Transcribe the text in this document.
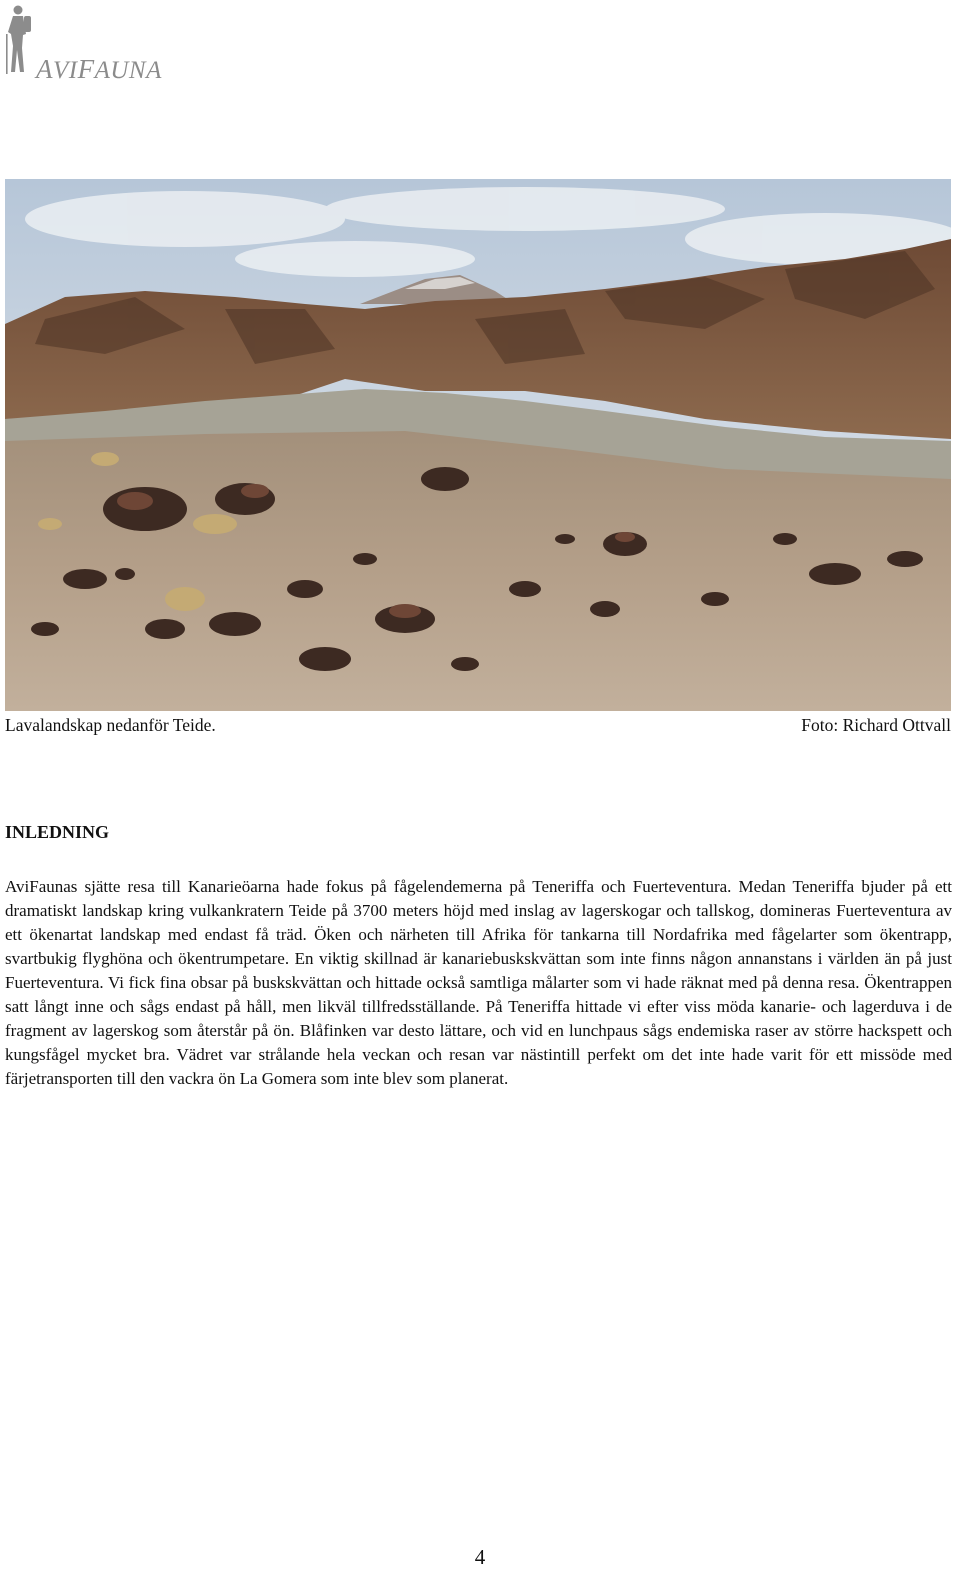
AVIFAUNA
Lavalandskap nedanför Teide.	Foto: Richard Ottvall
INLEDNING

AviFaunas sjätte resa till Kanarieöarna hade fokus på fågelendemerna på Teneriffa och Fuerteventura. Medan Teneriffa bjuder på ett dramatiskt landskap kring vulkankratern Teide på 3700 meters höjd med inslag av lagerskogar och tallskog, domineras Fuerteventura av ett ökenartat landskap med endast få träd. Öken och närheten till Afrika för tankarna till Nordafrika med fågelarter som ökentrapp, svartbukig flyghöna och ökentrumpetare. En viktig skillnad är kanariebuskskvättan som inte finns någon annanstans i världen än på just Fuerteventura. Vi fick fina obsar på buskskvättan och hittade också samtliga målarter som vi hade räknat med på denna resa. Ökentrappen satt långt inne och sågs endast på håll, men likväl tillfredsställande. På Teneriffa hittade vi efter viss möda kanarie- och lagerduva i de fragment av lagerskog som återstår på ön. Blåfinken var desto lättare, och vid en lunchpaus sågs endemiska raser av större hackspett och kungsfågel mycket bra. Vädret var strålande hela veckan och resan var nästintill perfekt om det inte hade varit för ett missöde med färjetransporten till den vackra ön La Gomera som inte blev som planerat.

4
